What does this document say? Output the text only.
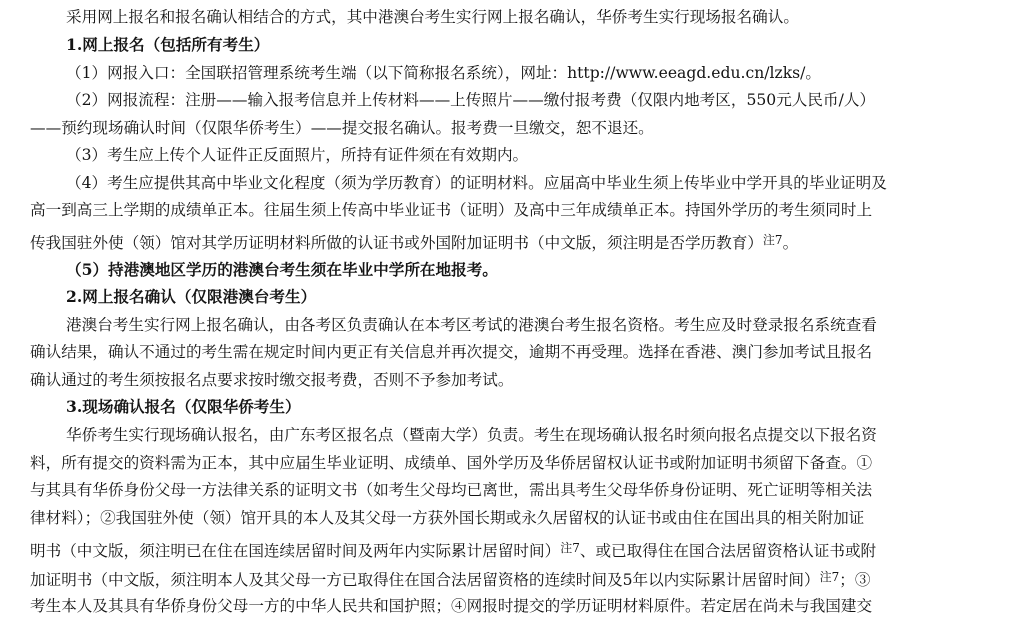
采用网上报名和报名确认相结合的方式，其中港澳台考生实行网上报名确认，华侨考生实行现场报名确认。
1.网上报名（包括所有考生）
（1）网报入口：全国联招管理系统考生端（以下简称报名系统），网址：http://www.eeagd.edu.cn/lzks/。
（2）网报流程：注册——输入报考信息并上传材料——上传照片——缴付报考费（仅限内地考区，550元人民币/人）
——预约现场确认时间（仅限华侨考生）——提交报名确认。报考费一旦缴交，恕不退还。
（3）考生应上传个人证件正反面照片，所持有证件须在有效期内。
（4）考生应提供其高中毕业文化程度（须为学历教育）的证明材料。应届高中毕业生须上传毕业中学开具的毕业证明及
高一到高三上学期的成绩单正本。往届生须上传高中毕业证书（证明）及高中三年成绩单正本。持国外学历的考生须同时上
传我国驻外使（领）馆对其学历证明材料所做的认证书或外国附加证明书（中文版，须注明是否学历教育）$^{注7}$。
（5）持港澳地区学历的港澳台考生须在毕业中学所在地报考。
2.网上报名确认（仅限港澳台考生）
港澳台考生实行网上报名确认，由各考区负责确认在本考区考试的港澳台考生报名资格。考生应及时登录报名系统查看
确认结果，确认不通过的考生需在规定时间内更正有关信息并再次提交，逾期不再受理。选择在香港、澳门参加考试且报名
确认通过的考生须按报名点要求按时缴交报考费，否则不予参加考试。
3.现场确认报名（仅限华侨考生）
华侨考生实行现场确认报名，由广东考区报名点（暨南大学）负责。考生在现场确认报名时须向报名点提交以下报名资
料，所有提交的资料需为正本，其中应届生毕业证明、成绩单、国外学历及华侨居留权认证书或附加证明书须留下备查。①
与其具有华侨身份父母一方法律关系的证明文书（如考生父母均已离世，需出具考生父母华侨身份证明、死亡证明等相关法
律材料）；②我国驻外使（领）馆开具的本人及其父母一方获外国长期或永久居留权的认证书或由住在国出具的相关附加证
明书（中文版，须注明已在住在国连续居留时间及两年内实际累计居留时间）$^{注7}$、或已取得住在国合法居留资格认证书或附
加证明书（中文版，须注明本人及其父母一方已取得住在国合法居留资格的连续时间及5年以内实际累计居留时间）$^{注7}$；③
考生本人及其具有华侨身份父母一方的中华人民共和国护照；④网报时提交的学历证明材料原件。若定居在尚未与我国建交
